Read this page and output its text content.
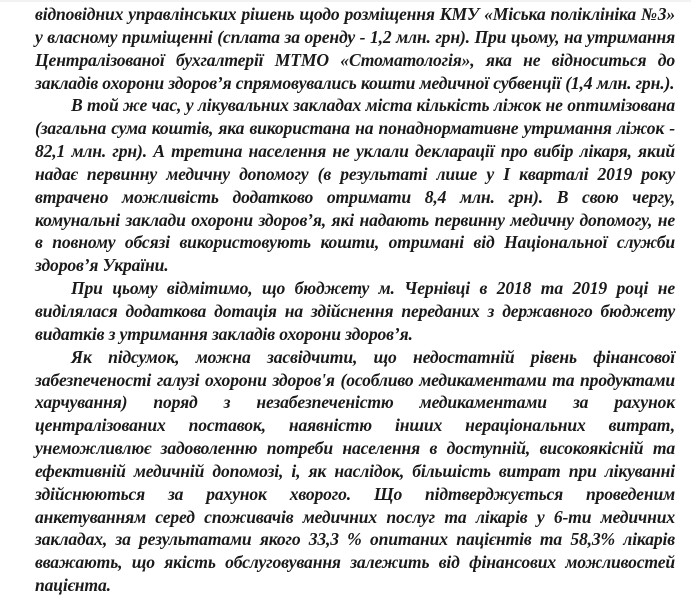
відповідних управлінських рішень щодо розміщення КМУ «Міська поліклініка №3» у власному приміщенні (сплата за оренду - 1,2 млн. грн). При цьому, на утримання Централізованої бухгалтерії МТМО «Стоматологія», яка не відноситься до закладів охорони здоров’я спрямовувались кошти медичної субвенції (1,4 млн. грн.).

В той же час, у лікувальних закладах міста кількість ліжок не оптимізована (загальна сума коштів, яка використана на понаднормативне утримання ліжок - 82,1 млн. грн). А третина населення не уклали декларації про вибір лікаря, який надає первинну медичну допомогу (в результаті лише у І кварталі 2019 року втрачено можливість додатково отримати 8,4 млн. грн). В свою чергу, комунальні заклади охорони здоров’я, які надають первинну медичну допомогу, не в повному обсязі використовують кошти, отримані від Національної служби здоров’я України.

При цьому відмітимо, що бюджету м. Чернівці в 2018 та 2019 році не виділялася додаткова дотація на здійснення переданих з державного бюджету видатків з утримання закладів охорони здоров’я.

Як підсумок, можна засвідчити, що недостатній рівень фінансової забезпеченості галузі охорони здоров'я (особливо медикаментами та продуктами харчування) поряд з незабезпеченістю медикаментами за рахунок централізованих поставок, наявністю інших нераціональних витрат, унеможливлює задоволенню потреби населення в доступній, високоякісній та ефективній медичній допомозі, і, як наслідок, більшість витрат при лікуванні здійснюються за рахунок хворого. Що підтверджується проведеним анкетуванням серед споживачів медичних послуг та лікарів у 6-ти медичних закладах, за результатами якого 33,3 % опитаних пацієнтів та 58,3% лікарів вважають, що якість обслуговування залежить від фінансових можливостей пацієнта.
